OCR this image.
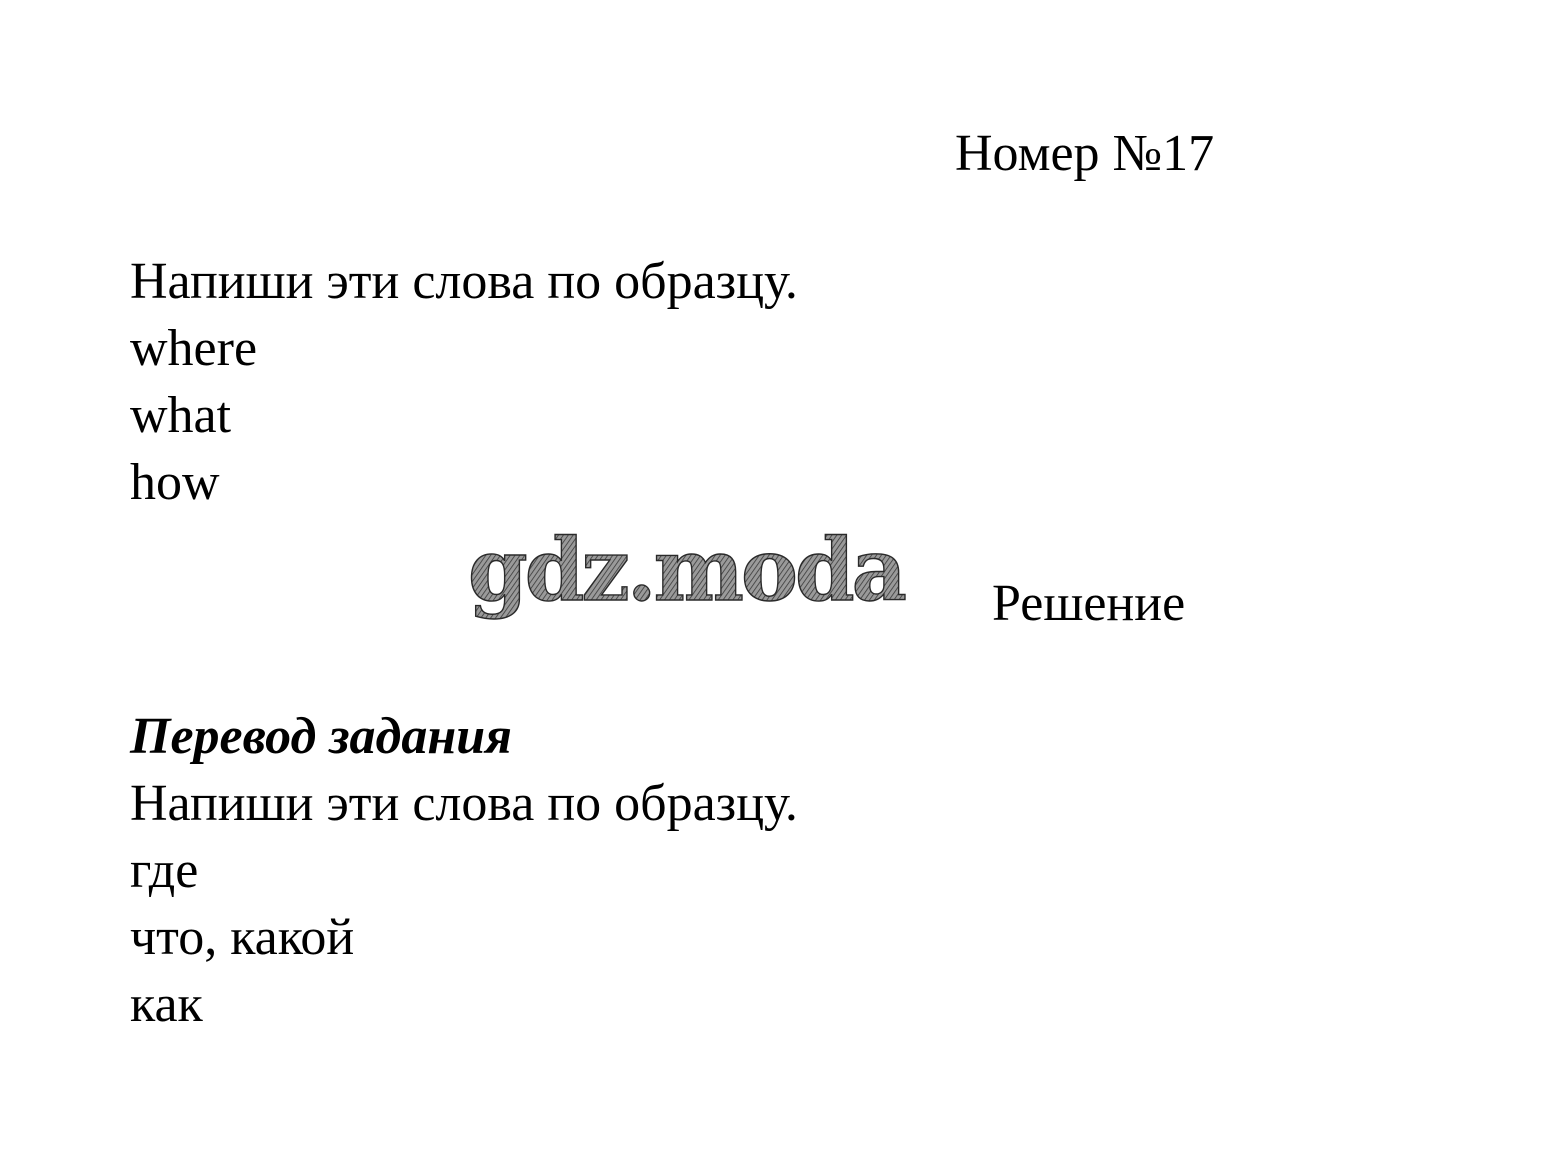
Номер №17
Напиши эти слова по образцу.
where
what
how
gdz.moda Решение
Перевод задания
Напиши эти слова по образцу.
где
что, какой
как
